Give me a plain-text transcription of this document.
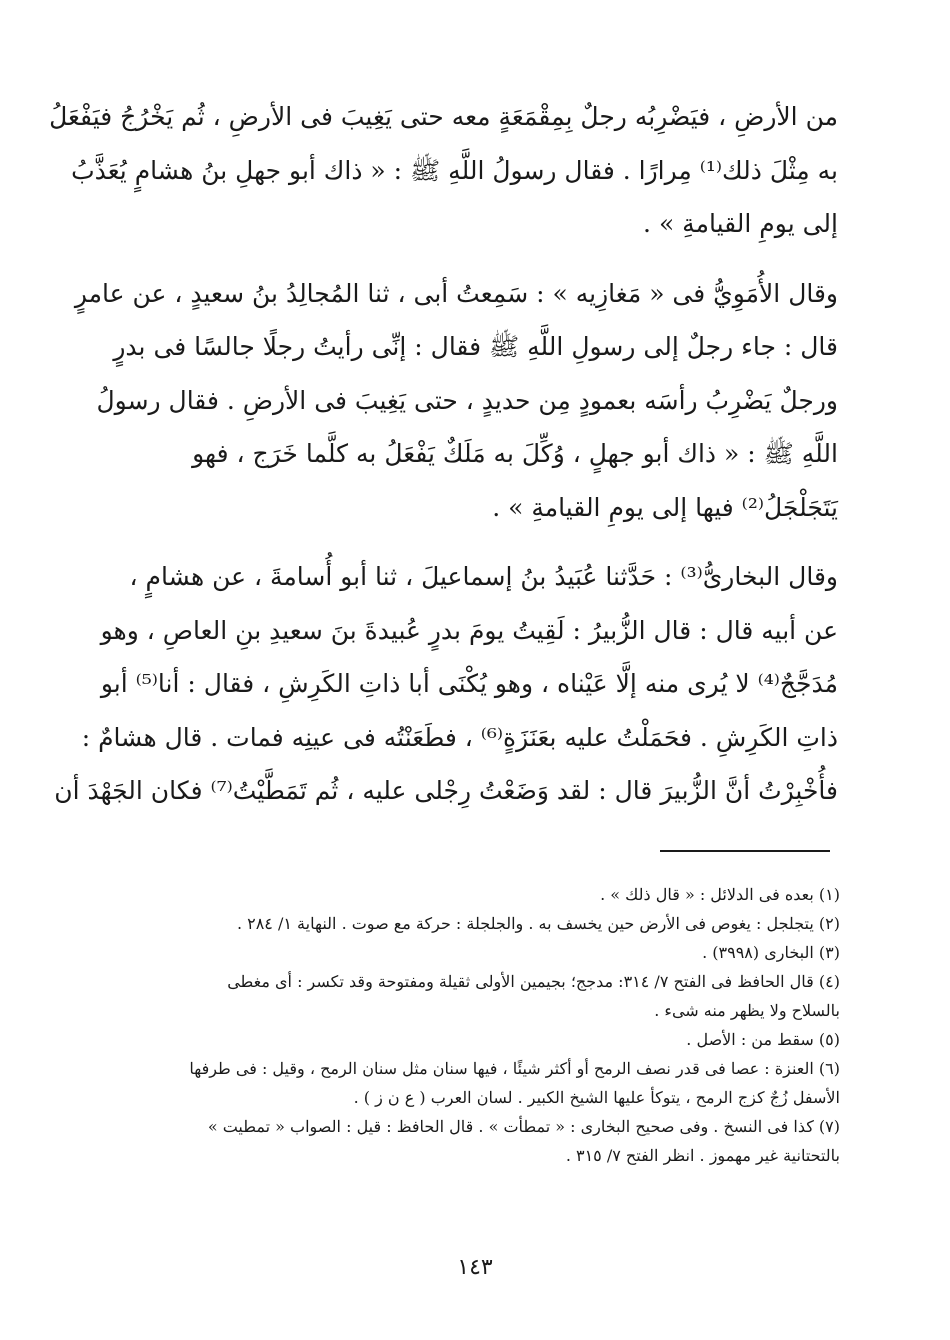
من الأرضِ ، فيَضْرِبُه رجلٌ بِمِقْمَعَةٍ معه حتى يَغِيبَ فى الأرضِ ، ثُم يَخْرُجُ فيَفْعَلُ
به مِثْلَ ذلك⁽¹⁾ مِرارًا . فقال رسولُ اللَّهِ ﷺ : « ذاك أبو جهلِ بنُ هشامٍ يُعَذَّبُ
إلى يومِ القيامةِ » .

وقال الأُمَوِيُّ فى « مَغازِيه » : سَمِعتُ أبى ، ثنا المُجالِدُ بنُ سعيدٍ ، عن عامرٍ
قال : جاء رجلٌ إلى رسولِ اللَّهِ ﷺ فقال : إنِّى رأيتُ رجلًا جالسًا فى بدرٍ
ورجلٌ يَضْرِبُ رأسَه بعمودٍ مِن حديدٍ ، حتى يَغِيبَ فى الأرضِ . فقال رسولُ
اللَّهِ ﷺ : « ذاك أبو جهلٍ ، وُكِّلَ به مَلَكٌ يَفْعَلُ به كلَّما خَرَج ، فهو
يَتَجَلْجَلُ⁽²⁾ فيها إلى يومِ القيامةِ » .

وقال البخارىُّ⁽³⁾ : حَدَّثنا عُبَيدُ بنُ إسماعيلَ ، ثنا أبو أُسامةَ ، عن هشامٍ ،
عن أبيه قال : قال الزُّبيرُ : لَقِيتُ يومَ بدرٍ عُبيدةَ بنَ سعيدِ بنِ العاصِ ، وهو
مُدَجَّجٌ⁽⁴⁾ لا يُرى منه إلَّا عَيْناه ، وهو يُكْنَى أبا ذاتِ الكَرِشِ ، فقال : أنا⁽⁵⁾ أبو
ذاتِ الكَرِشِ . فحَمَلْتُ عليه بعَنَزَةٍ⁽⁶⁾ ، فطَعَنْتُه فى عينِه فمات . قال هشامٌ :
فأُخْبِرْتُ أنَّ الزُّبيرَ قال : لقد وَضَعْتُ رِجْلى عليه ، ثُم تَمَطَّيْتُ⁽⁷⁾ فكان الجَهْدَ أن

(١) بعده فى الدلائل : « قال ذلك » .
(٢) يتجلجل : يغوص فى الأرض حين يخسف به . والجلجلة : حركة مع صوت . النهاية ١/ ٢٨٤ .
(٣) البخارى (٣٩٩٨) .
(٤) قال الحافظ فى الفتح ٧/ ٣١٤: مدجج؛ بجيمين الأولى ثقيلة ومفتوحة وقد تكسر : أى مغطى
بالسلاح ولا يظهر منه شىء .
(٥) سقط من : الأصل .
(٦) العنزة : عصا فى قدر نصف الرمح أو أكثر شيئًا ، فيها سنان مثل سنان الرمح ، وقيل : فى طرفها
الأسفل زُجٌ كزج الرمح ، يتوكأ عليها الشيخ الكبير . لسان العرب ( ع ن ز ) .
(٧) كذا فى النسخ . وفى صحيح البخارى : « تمطأت » . قال الحافظ : قيل : الصواب « تمطيت »
بالتحتانية غير مهموز . انظر الفتح ٧/ ٣١٥ .
١٤٣
